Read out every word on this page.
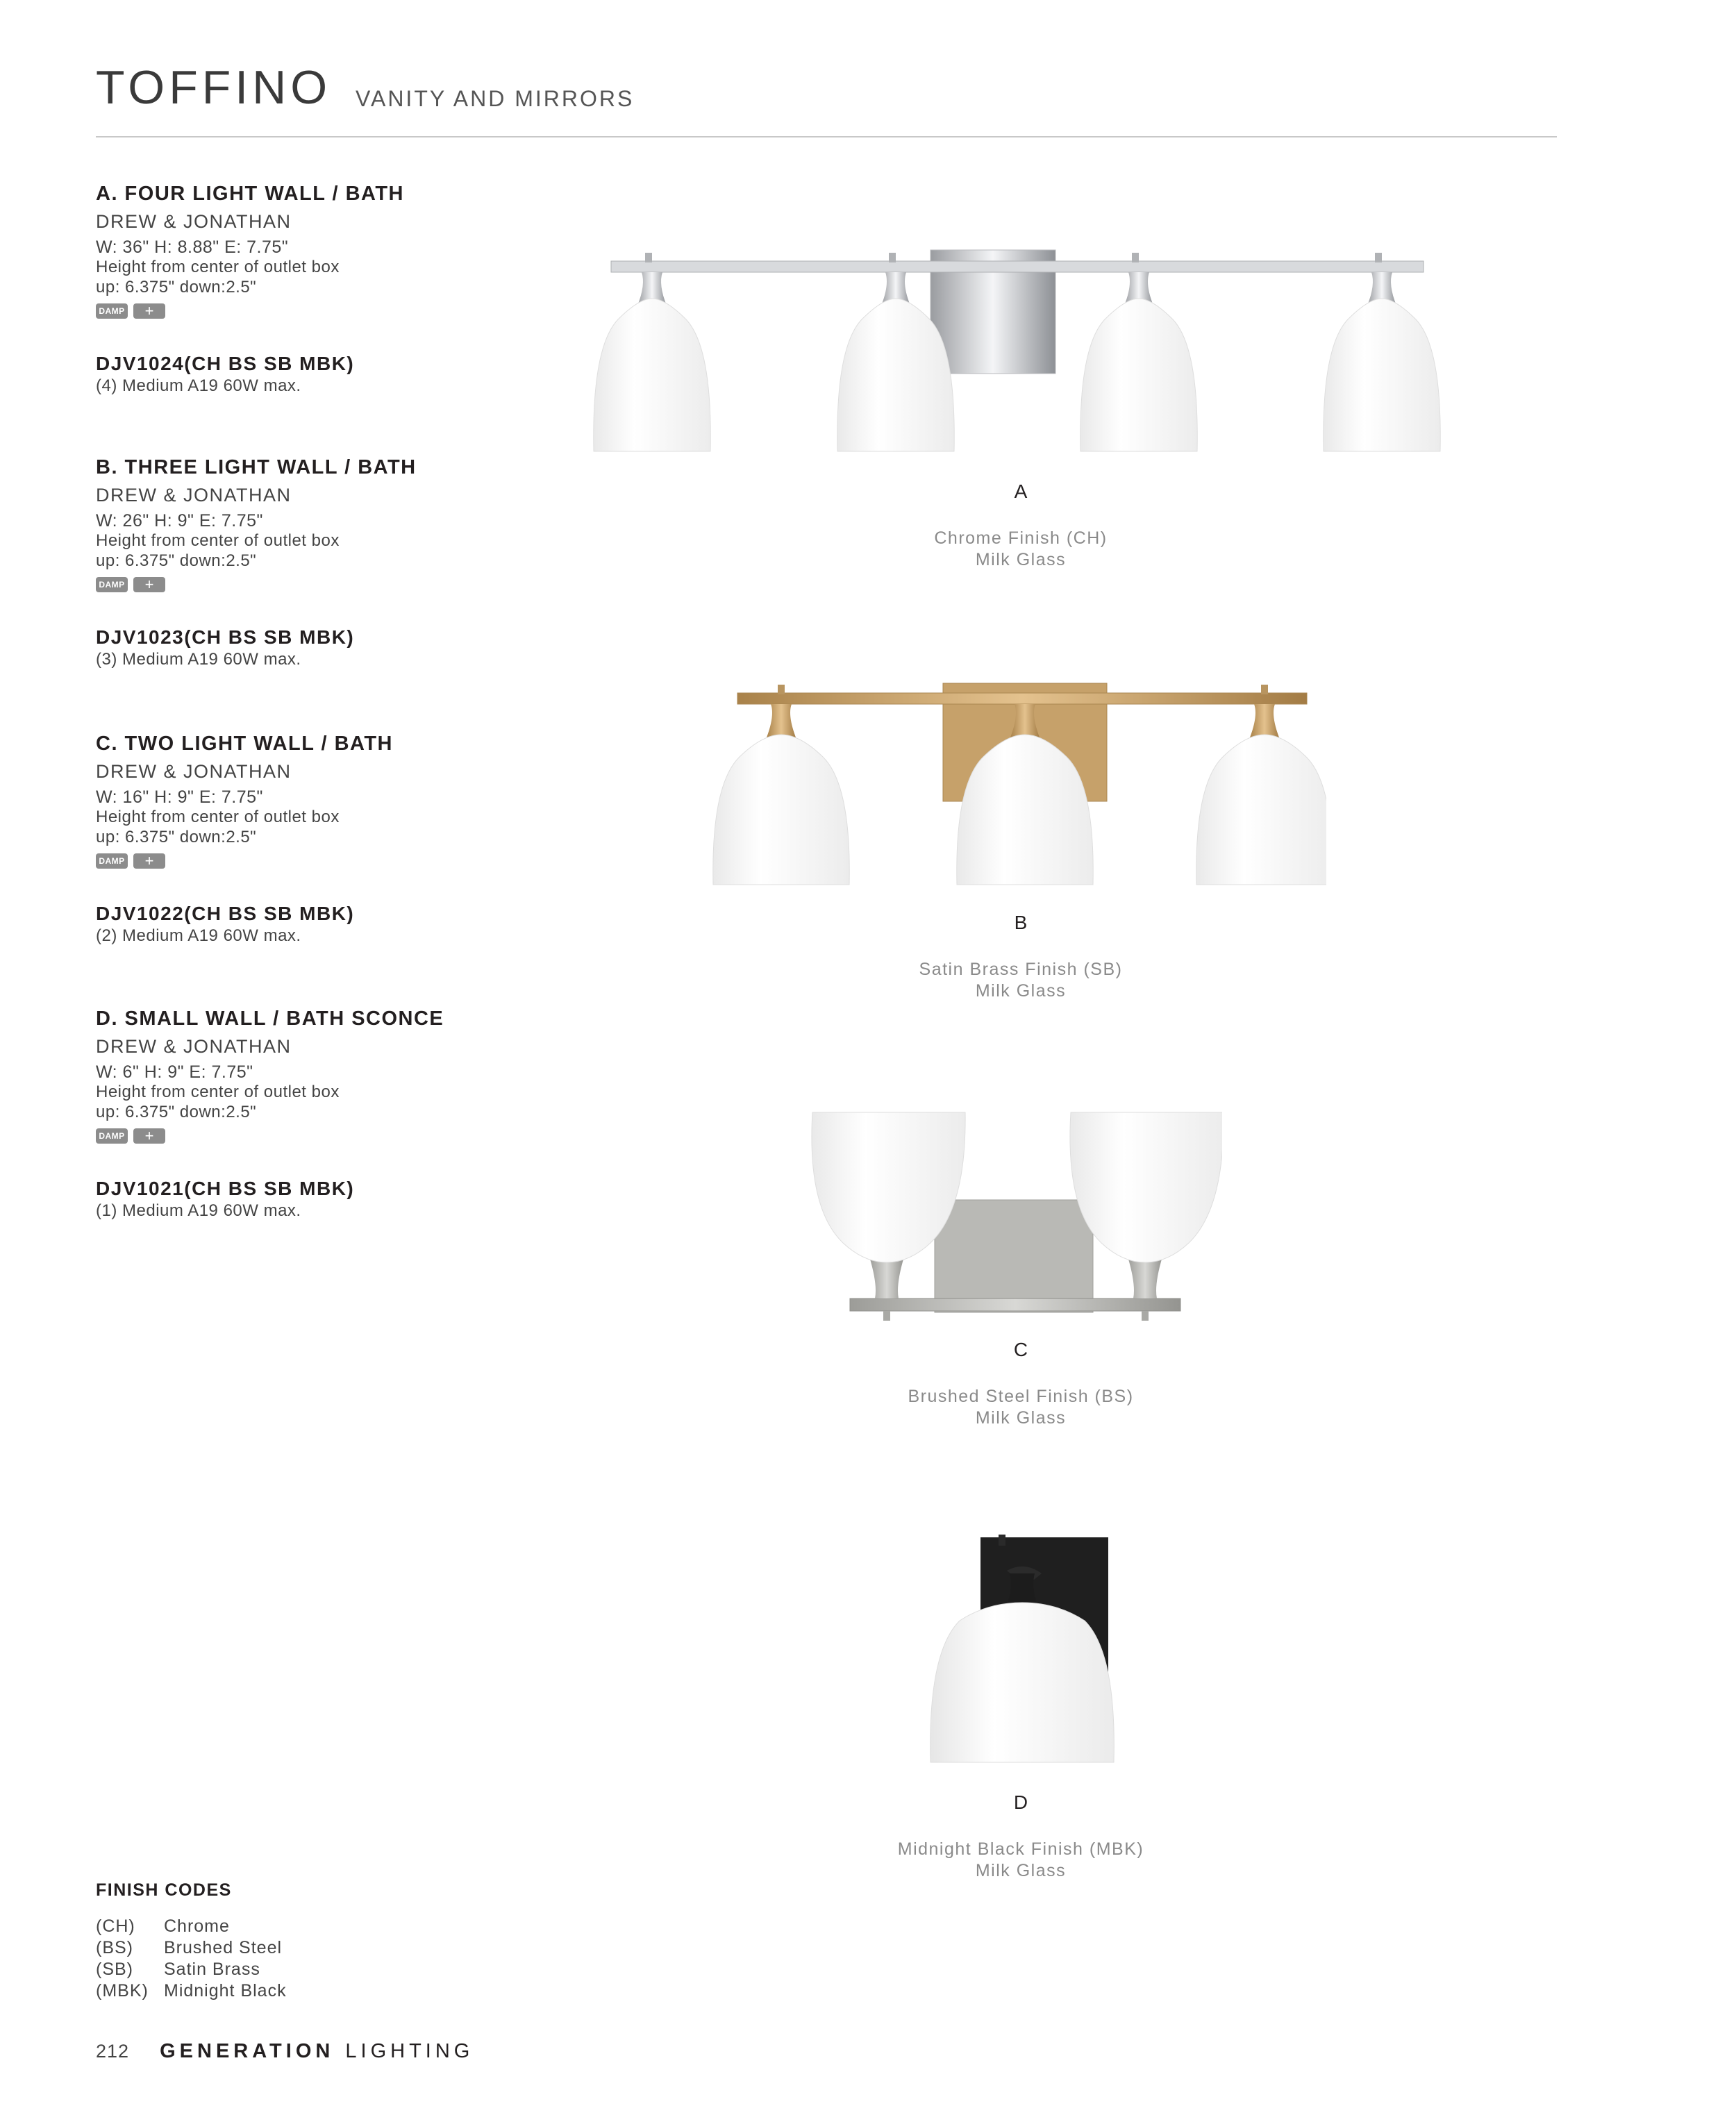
TOFFINO VANITY AND MIRRORS
A. FOUR LIGHT WALL / BATH
DREW & JONATHAN
W: 36" H: 8.88" E: 7.75"
Height from center of outlet box
up: 6.375" down:2.5"
DAMP	+
DJV1024(CH BS SB MBK)
(4) Medium A19 60W max.
B. THREE LIGHT WALL / BATH
DREW & JONATHAN
W: 26" H: 9" E: 7.75"
Height from center of outlet box
up: 6.375" down:2.5"
DAMP	+
DJV1023(CH BS SB MBK)
(3) Medium A19 60W max.
C. TWO LIGHT WALL / BATH
DREW & JONATHAN
W: 16" H: 9" E: 7.75"
Height from center of outlet box
up: 6.375" down:2.5"
DAMP	+
DJV1022(CH BS SB MBK)
(2) Medium A19 60W max.
D. SMALL WALL / BATH SCONCE
DREW & JONATHAN
W: 6" H: 9" E: 7.75"
Height from center of outlet box
up: 6.375" down:2.5"
DAMP	+
DJV1021(CH BS SB MBK)
(1) Medium A19 60W max.
A
Chrome Finish (CH)
Milk Glass
B
Satin Brass Finish (SB)
Milk Glass
C
Brushed Steel Finish (BS)
Milk Glass
D
Midnight Black Finish (MBK)
Milk Glass
FINISH CODES
(CH)	Chrome
(BS)	Brushed Steel
(SB)	Satin Brass
(MBK) Midnight Black
212 GENERATION LIGHTING
